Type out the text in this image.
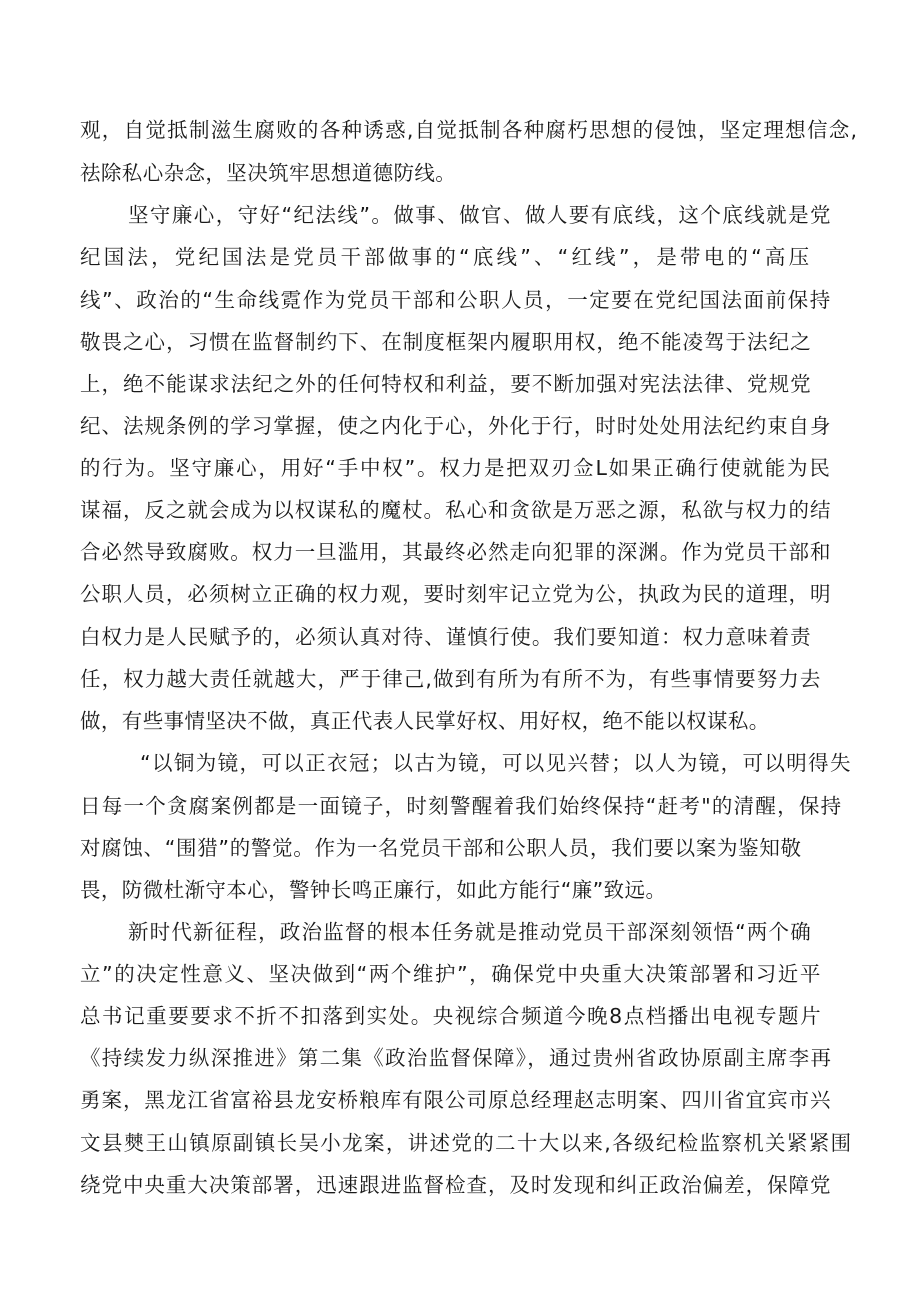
观，自觉抵制滋生腐败的各种诱惑,自觉抵制各种腐朽思想的侵蚀，坚定理想信念,
祛除私心杂念，坚决筑牢思想道德防线。
坚守廉心，守好“纪法线”。做事、做官、做人要有底线，这个底线就是党
纪国法，党纪国法是党员干部做事的“底线”、“红线”，是带电的“高压
线”、政治的“生命线霓作为党员干部和公职人员，一定要在党纪国法面前保持
敬畏之心，习惯在监督制约下、在制度框架内履职用权，绝不能凌驾于法纪之
上，绝不能谋求法纪之外的任何特权和利益，要不断加强对宪法法律、党规党
纪、法规条例的学习掌握，使之内化于心，外化于行，时时处处用法纪约束自身
的行为。坚守廉心，用好“手中权”。权力是把双刃佥L如果正确行使就能为民
谋福，反之就会成为以权谋私的魔杖。私心和贪欲是万恶之源，私欲与权力的结
合必然导致腐败。权力一旦滥用，其最终必然走向犯罪的深渊。作为党员干部和
公职人员，必须树立正确的权力观，要时刻牢记立党为公，执政为民的道理，明
白权力是人民赋予的，必须认真对待、谨慎行使。我们要知道：权力意味着责
任，权力越大责任就越大，严于律己,做到有所为有所不为，有些事情要努力去
做，有些事情坚决不做，真正代表人民掌好权、用好权，绝不能以权谋私。
“以铜为镜，可以正衣冠；以古为镜，可以见兴替；以人为镜，可以明得失
日每一个贪腐案例都是一面镜子，时刻警醒着我们始终保持“赶考"的清醒，保持
对腐蚀、“围猎”的警觉。作为一名党员干部和公职人员，我们要以案为鉴知敬
畏，防微杜渐守本心，警钟长鸣正廉行，如此方能行“廉”致远。
新时代新征程，政治监督的根本任务就是推动党员干部深刻领悟“两个确
立”的决定性意义、坚决做到“两个维护”，确保党中央重大决策部署和习近平
总书记重要要求不折不扣落到实处。央视综合频道今晚8点档播出电视专题片
《持续发力纵深推进》第二集《政治监督保障》，通过贵州省政协原副主席李再
勇案，黑龙江省富裕县龙安桥粮库有限公司原总经理赵志明案、四川省宜宾市兴
文县僰王山镇原副镇长吴小龙案，讲述党的二十大以来,各级纪检监察机关紧紧围
绕党中央重大决策部署，迅速跟进监督检查，及时发现和纠正政治偏差，保障党
